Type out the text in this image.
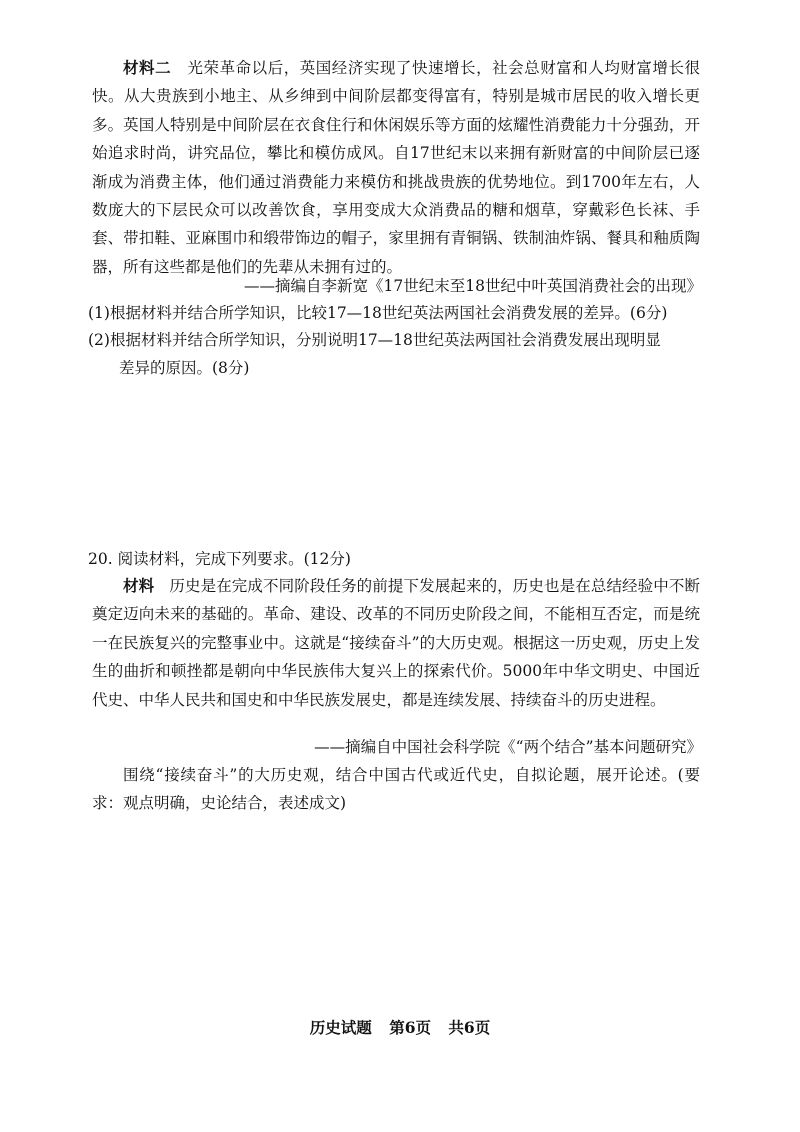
材料二 光荣革命以后，英国经济实现了快速增长，社会总财富和人均财富增长很快。从大贵族到小地主、从乡绅到中间阶层都变得富有，特别是城市居民的收入增长更多。英国人特别是中间阶层在衣食住行和休闲娱乐等方面的炫耀性消费能力十分强劲，开始追求时尚，讲究品位，攀比和模仿成风。自17世纪末以来拥有新财富的中间阶层已逐渐成为消费主体，他们通过消费能力来模仿和挑战贵族的优势地位。到1700年左右，人数庞大的下层民众可以改善饮食，享用变成大众消费品的糖和烟草，穿戴彩色长袜、手套、带扣鞋、亚麻围巾和缎带饰边的帽子，家里拥有青铜锅、铁制油炸锅、餐具和釉质陶器，所有这些都是他们的先辈从未拥有过的。
——摘编自李新宽《17世纪末至18世纪中叶英国消费社会的出现》
(1)根据材料并结合所学知识，比较17—18世纪英法两国社会消费发展的差异。(6分)
(2)根据材料并结合所学知识，分别说明17—18世纪英法两国社会消费发展出现明显
差异的原因。(8分)
20. 阅读材料，完成下列要求。(12分)
材料 历史是在完成不同阶段任务的前提下发展起来的，历史也是在总结经验中不断奠定迈向未来的基础的。革命、建设、改革的不同历史阶段之间，不能相互否定，而是统一在民族复兴的完整事业中。这就是“接续奋斗”的大历史观。根据这一历史观，历史上发生的曲折和顿挫都是朝向中华民族伟大复兴上的探索代价。5000年中华文明史、中国近代史、中华人民共和国史和中华民族发展史，都是连续发展、持续奋斗的历史进程。
——摘编自中国社会科学院《“两个结合”基本问题研究》
围绕“接续奋斗”的大历史观，结合中国古代或近代史，自拟论题，展开论述。(要求：观点明确，史论结合，表述成文)
历史试题 第6页 共6页
